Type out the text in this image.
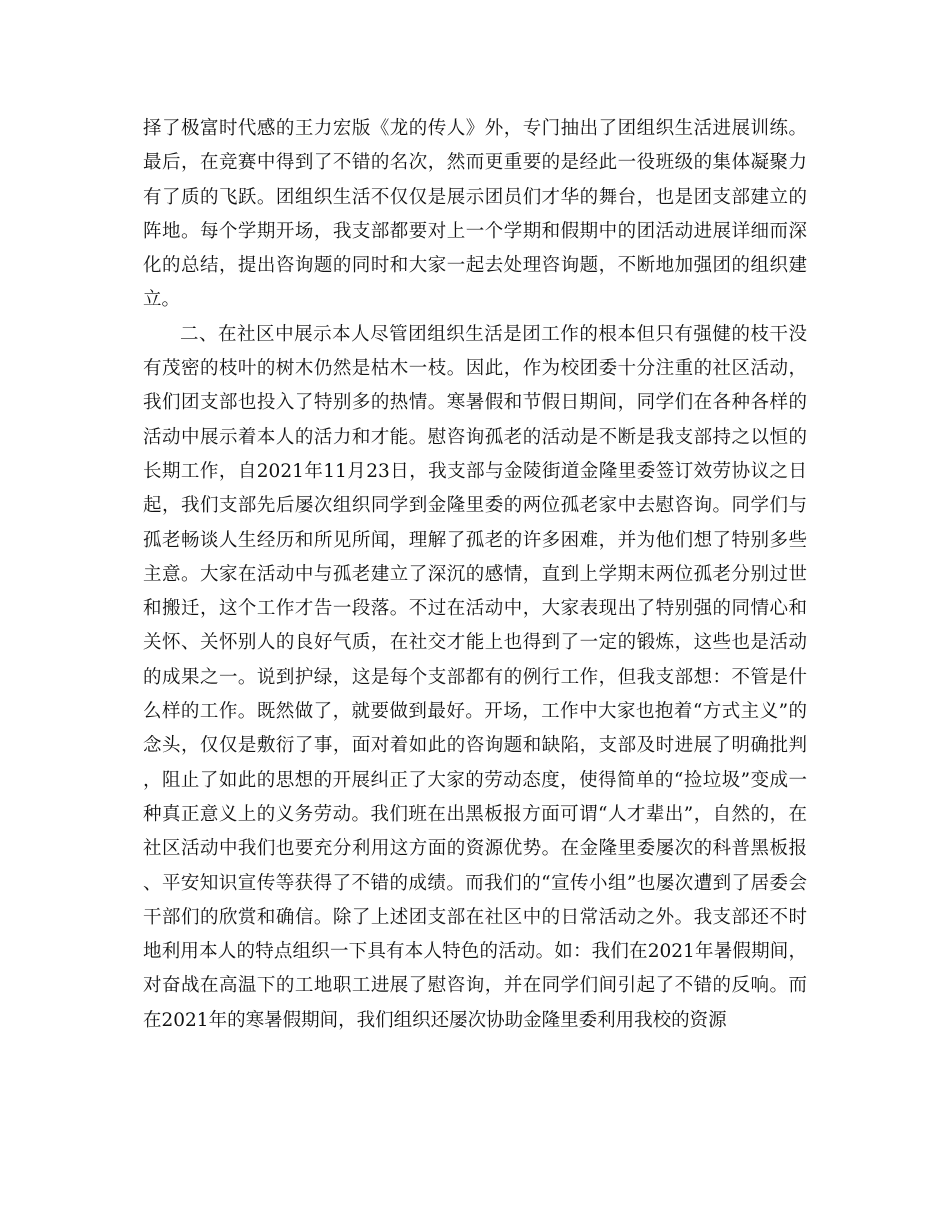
择了极富时代感的王力宏版《龙的传人》外，专门抽出了团组织生活进展训练。最后，在竞赛中得到了不错的名次，然而更重要的是经此一役班级的集体凝聚力有了质的飞跃。团组织生活不仅仅是展示团员们才华的舞台，也是团支部建立的阵地。每个学期开场，我支部都要对上一个学期和假期中的团活动进展详细而深化的总结，提出咨询题的同时和大家一起去处理咨询题，不断地加强团的组织建立。

二、在社区中展示本人尽管团组织生活是团工作的根本但只有强健的枝干没有茂密的枝叶的树木仍然是枯木一枝。因此，作为校团委十分注重的社区活动，我们团支部也投入了特别多的热情。寒暑假和节假日期间，同学们在各种各样的活动中展示着本人的活力和才能。慰咨询孤老的活动是不断是我支部持之以恒的长期工作，自2021年11月23日，我支部与金陵街道金隆里委签订效劳协议之日起，我们支部先后屡次组织同学到金隆里委的两位孤老家中去慰咨询。同学们与孤老畅谈人生经历和所见所闻，理解了孤老的许多困难，并为他们想了特别多些主意。大家在活动中与孤老建立了深沉的感情，直到上学期末两位孤老分别过世和搬迁，这个工作才告一段落。不过在活动中，大家表现出了特别强的同情心和关怀、关怀别人的良好气质，在社交才能上也得到了一定的锻炼，这些也是活动的成果之一。说到护绿，这是每个支部都有的例行工作，但我支部想：不管是什么样的工作。既然做了，就要做到最好。开场，工作中大家也抱着“方式主义”的念头，仅仅是敷衍了事，面对着如此的咨询题和缺陷，支部及时进展了明确批判，阻止了如此的思想的开展纠正了大家的劳动态度，使得简单的“捡垃圾”变成一种真正意义上的义务劳动。我们班在出黑板报方面可谓“人才辈出”，自然的，在社区活动中我们也要充分利用这方面的资源优势。在金隆里委屡次的科普黑板报、平安知识宣传等获得了不错的成绩。而我们的“宣传小组”也屡次遭到了居委会干部们的欣赏和确信。除了上述团支部在社区中的日常活动之外。我支部还不时地利用本人的特点组织一下具有本人特色的活动。如：我们在2021年暑假期间，对奋战在高温下的工地职工进展了慰咨询，并在同学们间引起了不错的反响。而在2021年的寒暑假期间，我们组织还屡次协助金隆里委利用我校的资源
